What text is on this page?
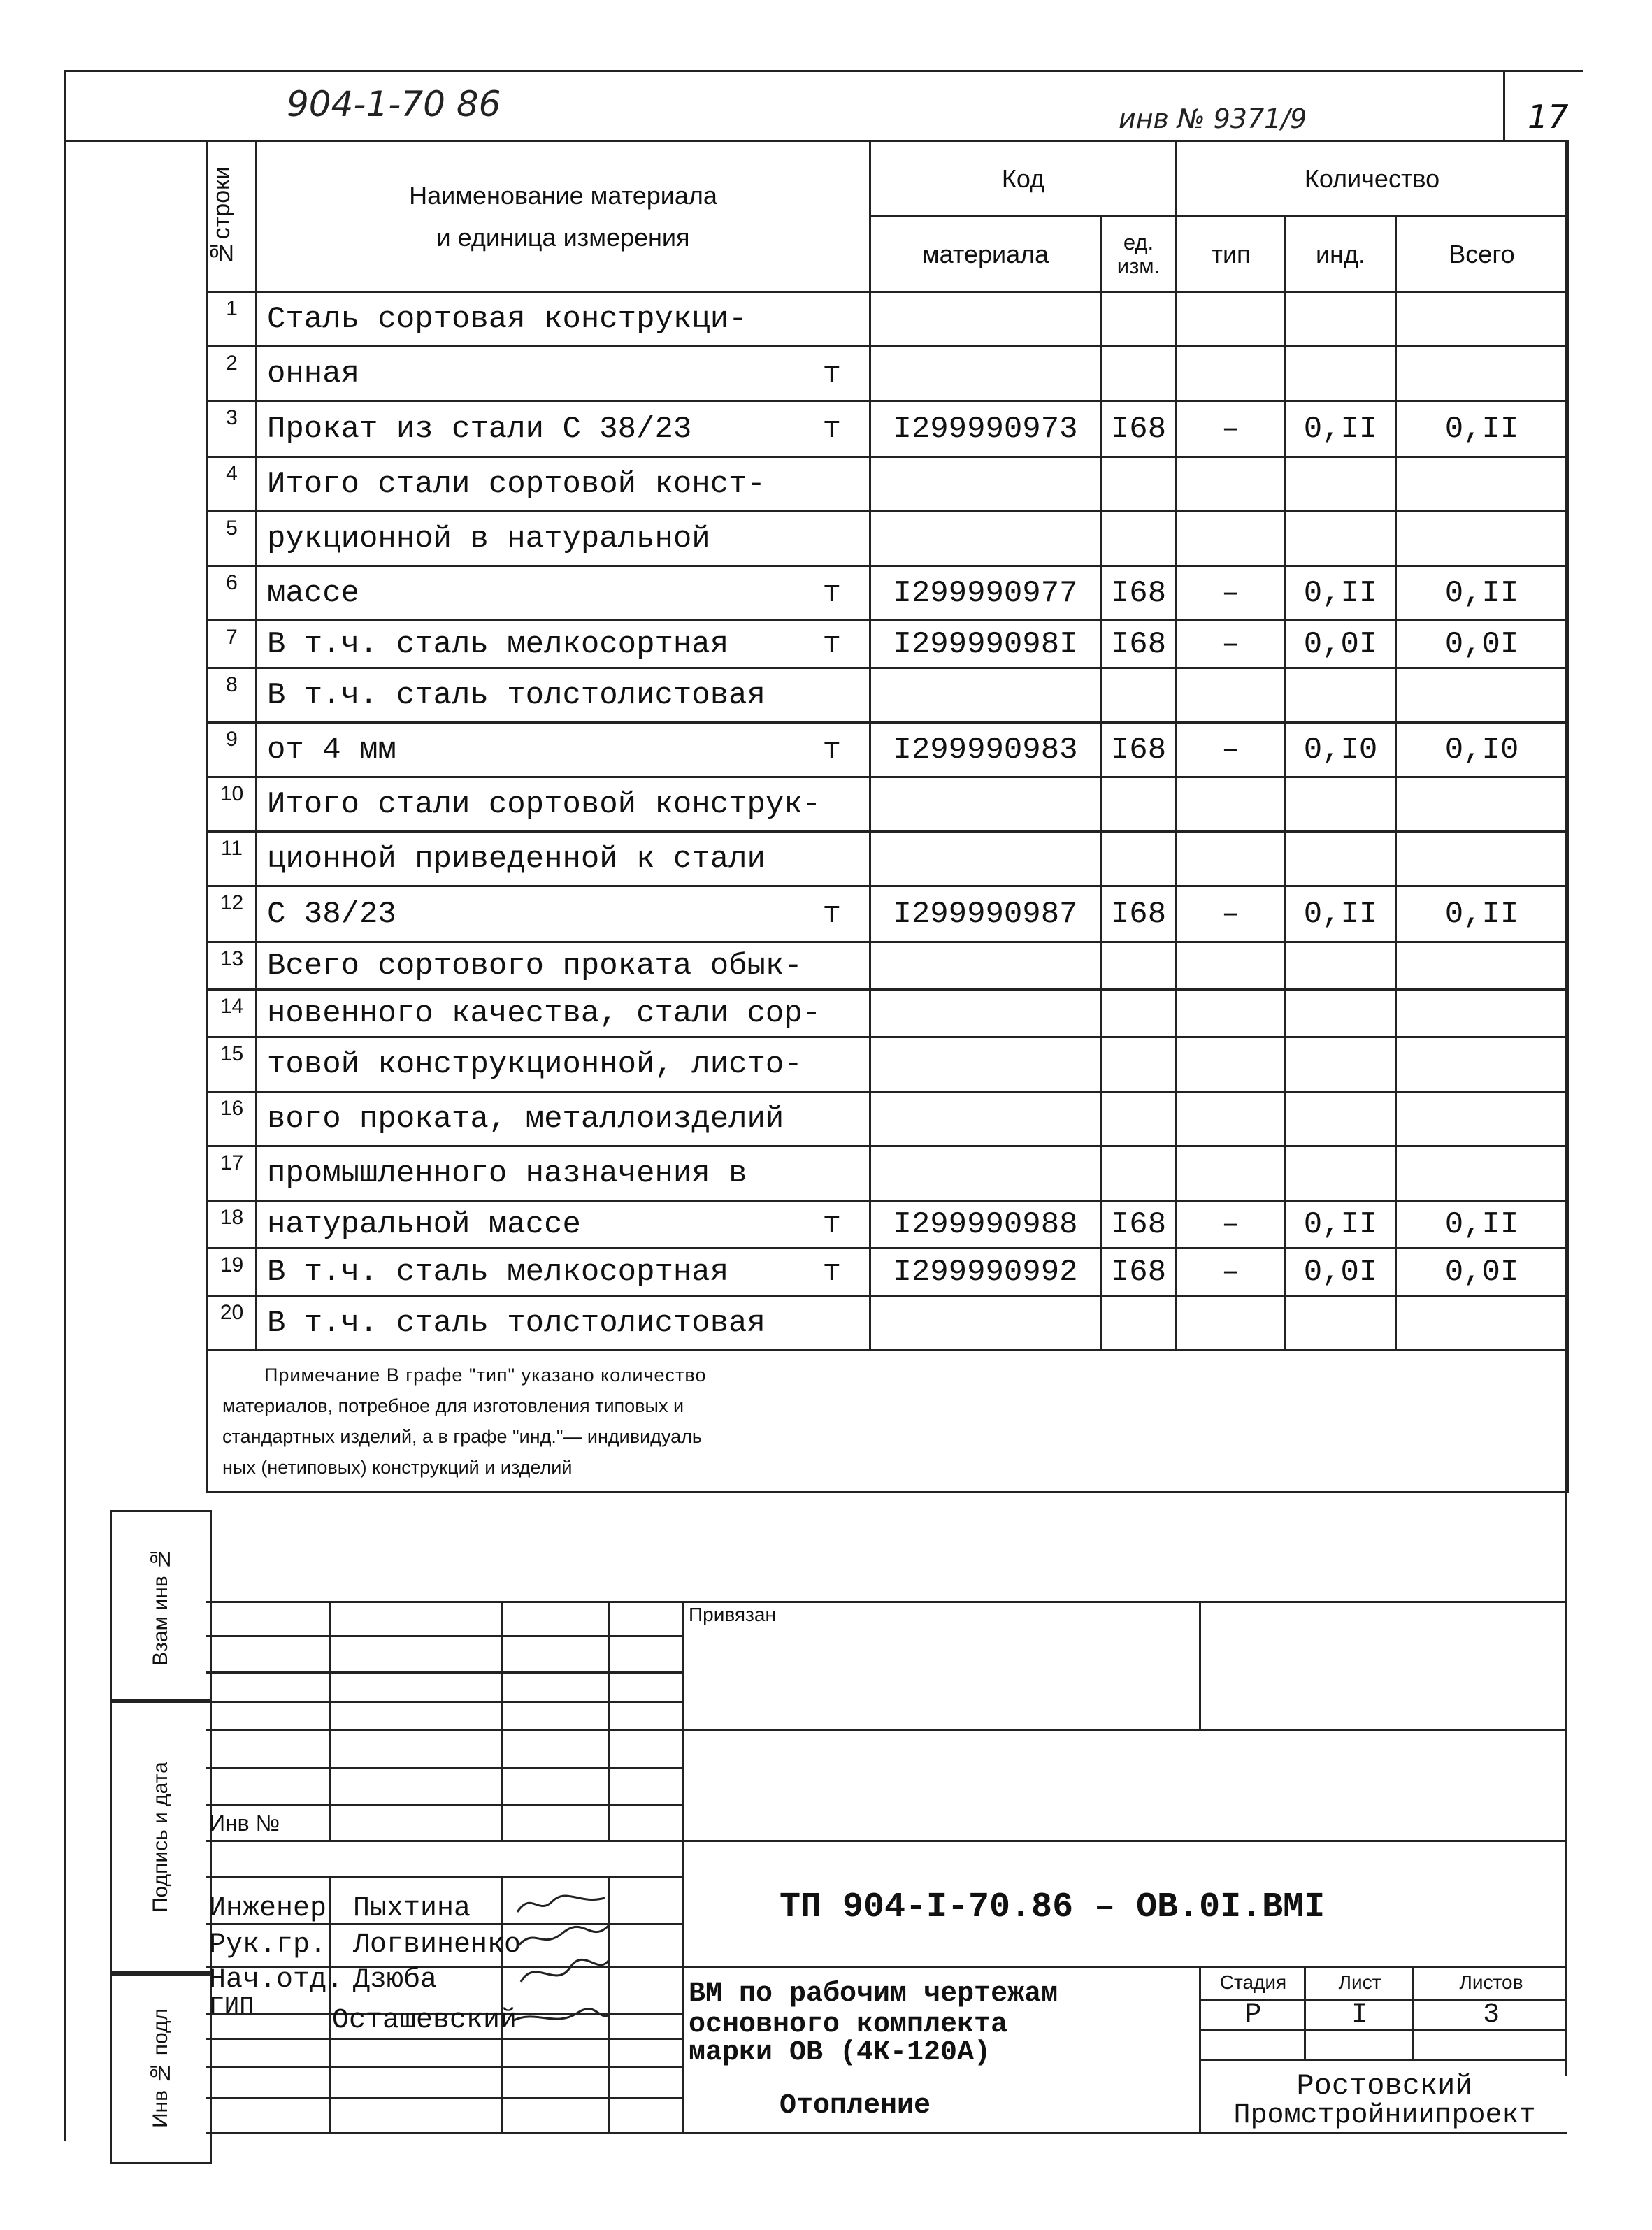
904-1-70 86	инв № 9371/9	17
№строки	Наименование материала
и единица измерения	Код		Количество		
		материала	ед. изм.	тип	инд.	Всего
1	Сталь сортовая конструкци-

2	онная т					

3	Прокат из стали С 38/23 т	I299990973	I68	–	0,II	0,II
4	Итого стали сортовой конст-

5	рукционной в натуральной

6	массе т	I299990977	I68	–	0,II	0,II
7	В т.ч. сталь мелкосортная т	I29999098I	I68	–	0,0I	0,0I
8	В т.ч. сталь толстолистовая

9	от 4 мм т	I299990983	I68	–	0,I0	0,I0
10	Итого стали сортовой конструк-

11	ционной приведенной к стали

12	С 38/23 т	I299990987	I68	–	0,II	0,II
13	Всего сортового проката обык-

14	новенного качества, стали сор-

15	товой конструкционной, листо-

16	вого проката, металлоизделий

17	промышленного назначения в

18	натуральной массе т	I299990988	I68	–	0,II	0,II
19	В т.ч. сталь мелкосортная т	I299990992	I68	–	0,0I	0,0I
20	В т.ч. сталь толстолистовая

Примечание В графе "тип" указано количество

материалов, потребное для изготовления типовых и

стандартных изделий, а в графе "инд."— индивидуаль

ных (нетиповых) конструкций и изделий						

Взам инв №
Подпись и дата
Инв № подл
Привязан
Инв №
Инженер Пыхтина
Рук.гр. Логвиненко
Нач.отд. Дзюба
ГИП	Осташевский
ТП 904-I-70.86 – ОВ.0I.ВМI
ВМ по рабочим чертежам
основного комплекта
марки ОВ (4К-120А)
Отопление
Стадия	Лист	Листов
Р	I	3
Ростовский
Промстройниипроект
